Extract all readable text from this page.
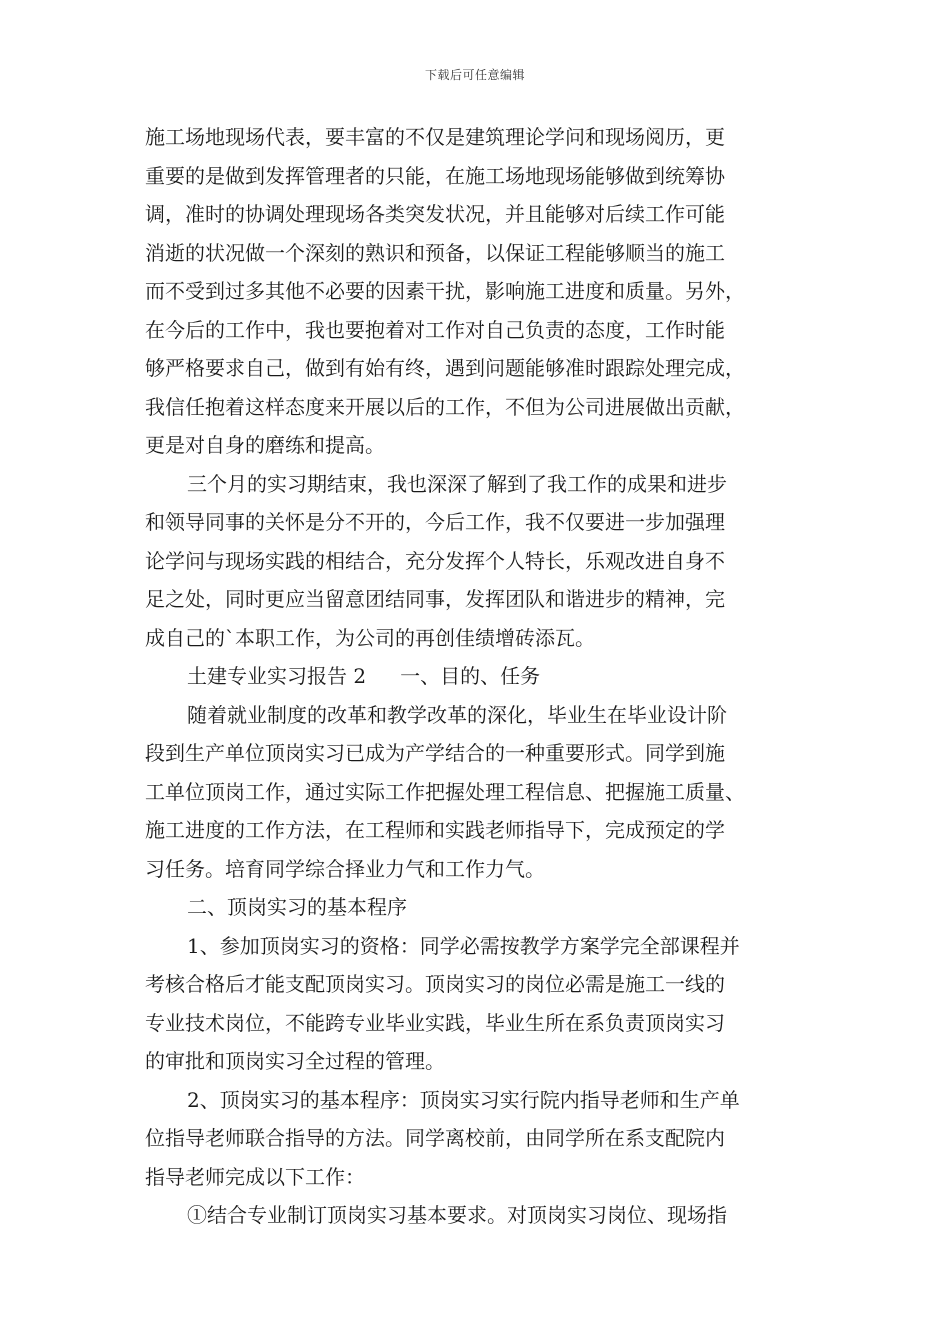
下载后可任意编辑
施工场地现场代表，要丰富的不仅是建筑理论学问和现场阅历，更
重要的是做到发挥管理者的只能，在施工场地现场能够做到统筹协
调，准时的协调处理现场各类突发状况，并且能够对后续工作可能
消逝的状况做一个深刻的熟识和预备，以保证工程能够顺当的施工
而不受到过多其他不必要的因素干扰，影响施工进度和质量。另外，
在今后的工作中，我也要抱着对工作对自己负责的态度，工作时能
够严格要求自己，做到有始有终，遇到问题能够准时跟踪处理完成，
我信任抱着这样态度来开展以后的工作，不但为公司进展做出贡献，
更是对自身的磨练和提高。
三个月的实习期结束，我也深深了解到了我工作的成果和进步
和领导同事的关怀是分不开的，今后工作，我不仅要进一步加强理
论学问与现场实践的相结合，充分发挥个人特长，乐观改进自身不
足之处，同时更应当留意团结同事，发挥团队和谐进步的精神，完
成自己的`本职工作，为公司的再创佳绩增砖添瓦。
土建专业实习报告 2 一、目的、任务
随着就业制度的改革和教学改革的深化，毕业生在毕业设计阶
段到生产单位顶岗实习已成为产学结合的一种重要形式。同学到施
工单位顶岗工作，通过实际工作把握处理工程信息、把握施工质量、
施工进度的工作方法，在工程师和实践老师指导下，完成预定的学
习任务。培育同学综合择业力气和工作力气。
二、顶岗实习的基本程序
1、参加顶岗实习的资格：同学必需按教学方案学完全部课程并
考核合格后才能支配顶岗实习。顶岗实习的岗位必需是施工一线的
专业技术岗位，不能跨专业毕业实践，毕业生所在系负责顶岗实习
的审批和顶岗实习全过程的管理。
2、顶岗实习的基本程序：顶岗实习实行院内指导老师和生产单
位指导老师联合指导的方法。同学离校前，由同学所在系支配院内
指导老师完成以下工作：
①结合专业制订顶岗实习基本要求。对顶岗实习岗位、现场指
